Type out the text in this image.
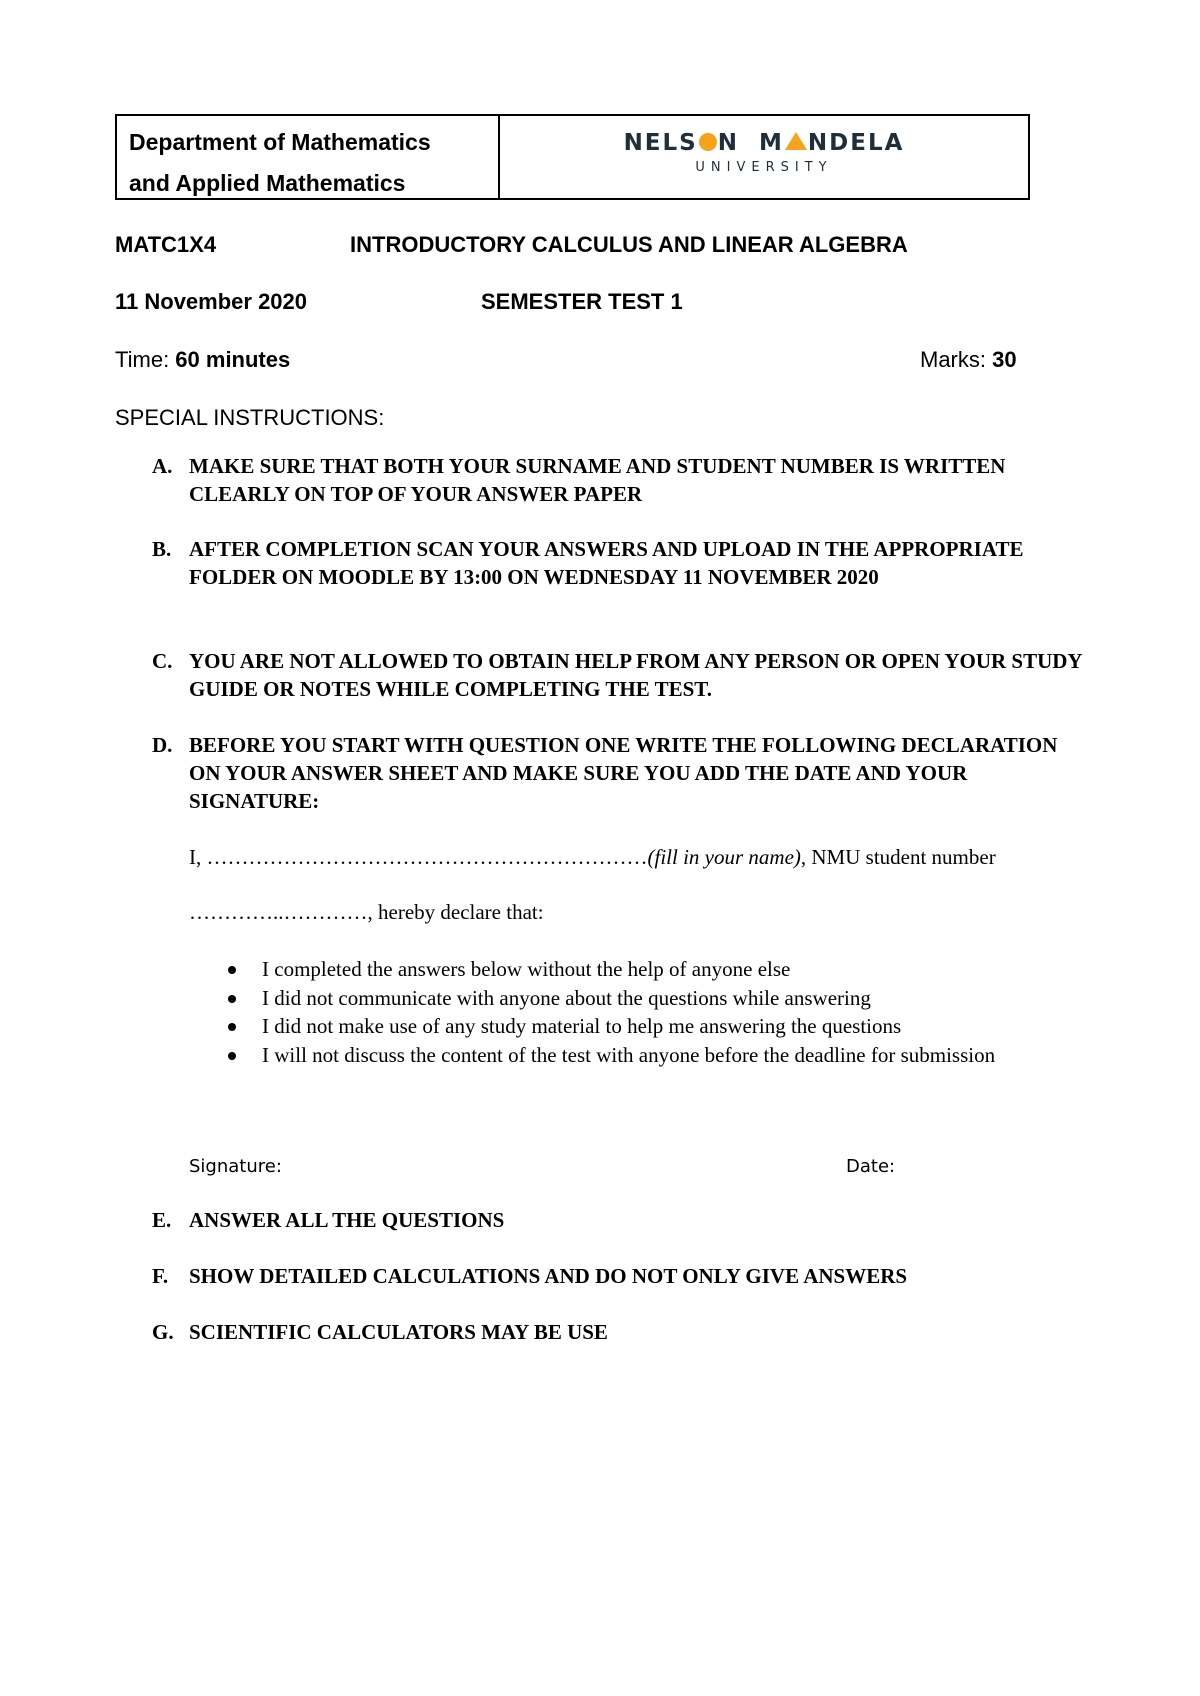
Department of Mathematics
and Applied Mathematics
NELS N M NDELA
UNIVERSITY
MATC1X4	INTRODUCTORY CALCULUS AND LINEAR ALGEBRA
11 November 2020	SEMESTER TEST 1
Time: 60 minutes	Marks: 30
SPECIAL INSTRUCTIONS:
A. MAKE SURE THAT BOTH YOUR SURNAME AND STUDENT NUMBER IS WRITTEN CLEARLY ON TOP OF YOUR ANSWER PAPER
B. AFTER COMPLETION SCAN YOUR ANSWERS AND UPLOAD IN THE APPROPRIATE FOLDER ON MOODLE BY 13:00 ON WEDNESDAY 11 NOVEMBER 2020
C. YOU ARE NOT ALLOWED TO OBTAIN HELP FROM ANY PERSON OR OPEN YOUR STUDY GUIDE OR NOTES WHILE COMPLETING THE TEST.
D. BEFORE YOU START WITH QUESTION ONE WRITE THE FOLLOWING DECLARATION ON YOUR ANSWER SHEET AND MAKE SURE YOU ADD THE DATE AND YOUR SIGNATURE:
I, ………………………………………………………(fill in your name), NMU student number
…………..…………, hereby declare that:
I completed the answers below without the help of anyone else
I did not communicate with anyone about the questions while answering
I did not make use of any study material to help me answering the questions
I will not discuss the content of the test with anyone before the deadline for submission
Signature:	Date:
E. ANSWER ALL THE QUESTIONS
F. SHOW DETAILED CALCULATIONS AND DO NOT ONLY GIVE ANSWERS
G. SCIENTIFIC CALCULATORS MAY BE USE
